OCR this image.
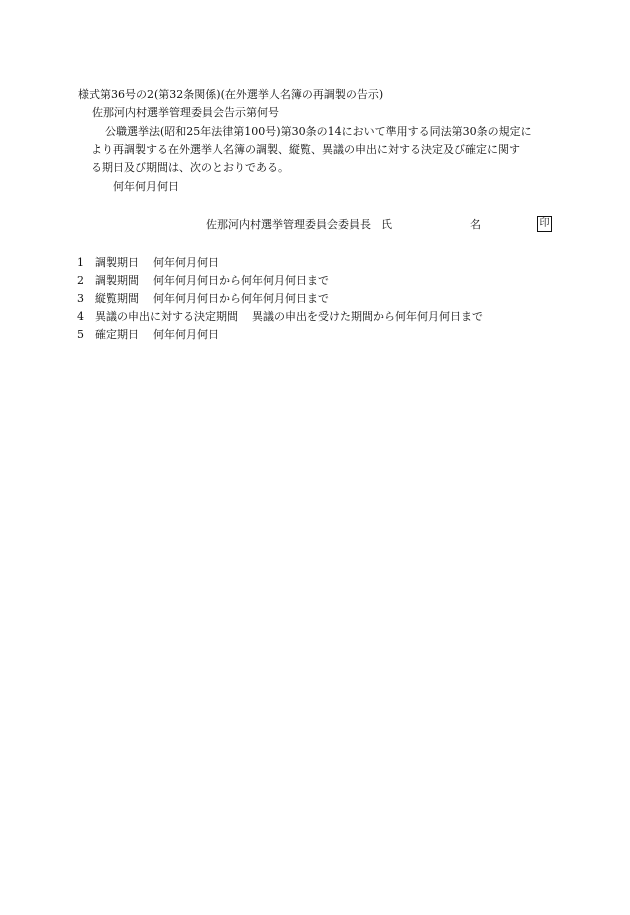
様式第36号の2(第32条関係)(在外選挙人名簿の再調製の告示)
佐那河内村選挙管理委員会告示第何号
公職選挙法(昭和25年法律第100号)第30条の14において準用する同法第30条の規定に
より再調製する在外選挙人名簿の調製、縦覧、異議の申出に対する決定及び確定に関す
る期日及び期間は、次のとおりである。
何年何月何日
佐那河内村選挙管理委員会委員長 氏	名	印
1	調製期日 何年何月何日
2	調製期間 何年何月何日から何年何月何日まで
3	縦覧期間 何年何月何日から何年何月何日まで
4	異議の申出に対する決定期間 異議の申出を受けた期間から何年何月何日まで
5	確定期日 何年何月何日
